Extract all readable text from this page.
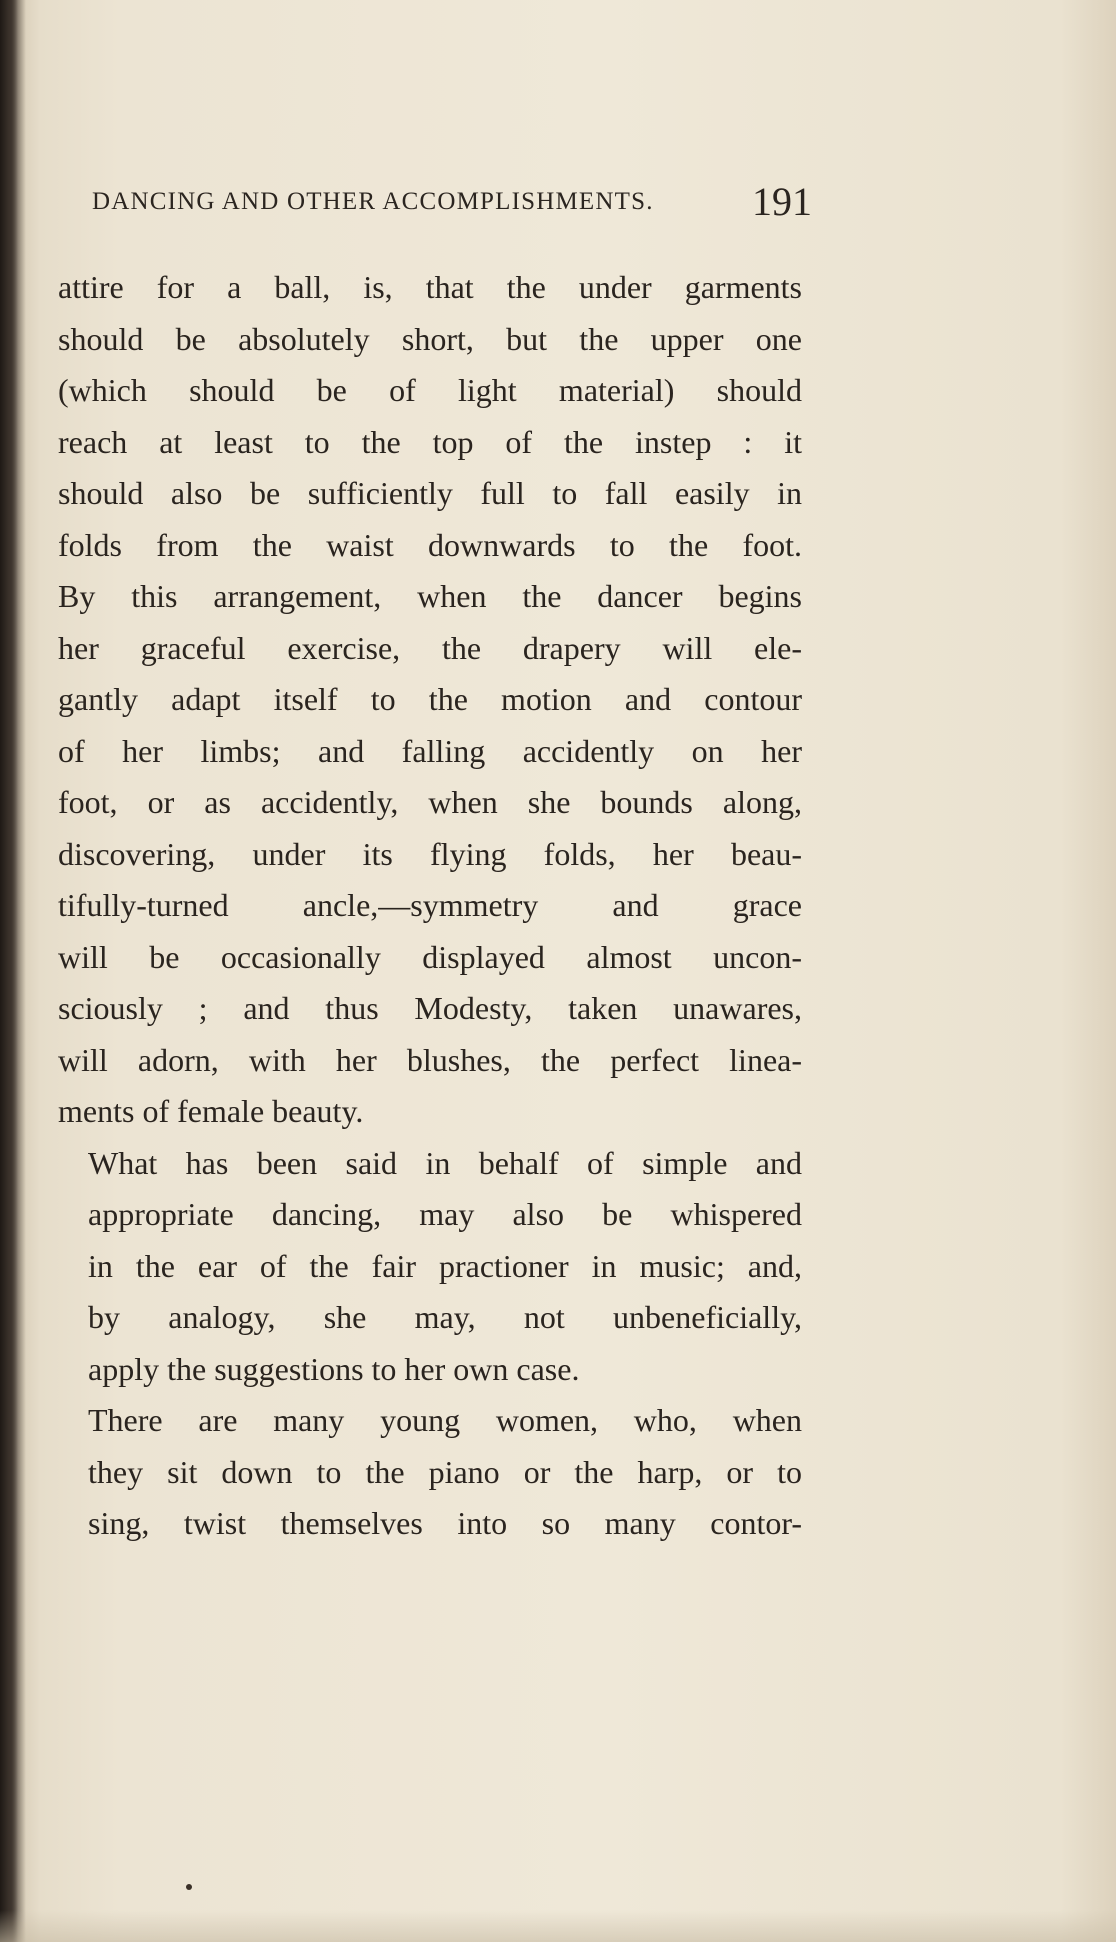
DANCING AND OTHER ACCOMPLISHMENTS. 191
attire for a ball, is, that the under garments
should be absolutely short, but the upper one
(which should be of light material) should
reach at least to the top of the instep : it
should also be sufficiently full to fall easily in
folds from the waist downwards to the foot.
By this arrangement, when the dancer begins
her graceful exercise, the drapery will ele-
gantly adapt itself to the motion and contour
of her limbs; and falling accidently on her
foot, or as accidently, when she bounds along,
discovering, under its flying folds, her beau-
tifully-turned ancle,—symmetry and grace
will be occasionally displayed almost uncon-
sciously ; and thus Modesty, taken unawares,
will adorn, with her blushes, the perfect linea-
ments of female beauty.
What has been said in behalf of simple and
appropriate dancing, may also be whispered
in the ear of the fair practioner in music; and,
by analogy, she may, not unbeneficially,
apply the suggestions to her own case.
There are many young women, who, when
they sit down to the piano or the harp, or to
sing, twist themselves into so many contor-
